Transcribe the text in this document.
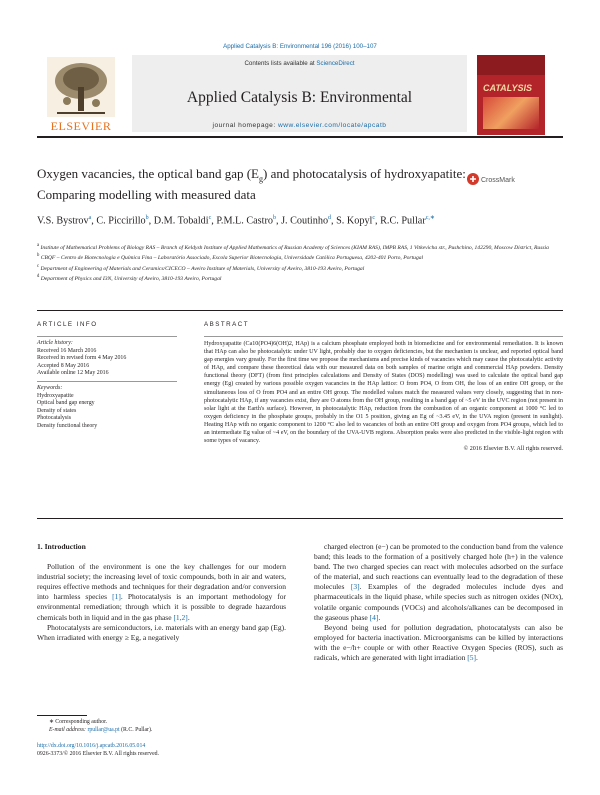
Applied Catalysis B: Environmental 196 (2016) 100–107
ELSEVIER
Contents lists available at ScienceDirect
Applied Catalysis B: Environmental
journal homepage: www.elsevier.com/locate/apcatb
CATALYSIS
Oxygen vacancies, the optical band gap $(E_g)$ and photocatalysis of hydroxyapatite: Comparing modelling with measured data
CrossMark
V.S. Bystrov$^a$, C. Piccirillo$^b$, D.M. Tobaldi$^c$, P.M.L. Castro$^b$, J. Coutinho$^d$, S. Kopyl$^c$, R.C. Pullar$^{c,∗}$
$^a$ Institute of Mathematical Problems of Biology RAS – Branch of Keldysh Institute of Applied Mathematics of Russian Academy of Sciences (KIAM RAS), IMPB RAS, 1 Vitkevicha str., Pushchino, 142290, Moscow District, Russia
$^b$ CBQF – Centro de Biotecnologia e Química Fina – Laboratório Associado, Escola Superior Biotecnologia, Universidade Católica Portuguesa, 4202-401 Porto, Portugal
$^c$ Department of Engineering of Materials and Ceramics/CICECO – Aveiro Institute of Materials, University of Aveiro, 3810-193 Aveiro, Portugal
$^d$ Department of Physics and I3N, University of Aveiro, 3810-193 Aveiro, Portugal
ARTICLE INFO	ABSTRACT
Article history:
Received 16 March 2016
Received in revised form 4 May 2016
Accepted 8 May 2016
Available online 12 May 2016
Keywords:
Hydroxyapatite
Optical band gap energy
Density of states
Photocatalysis
Density functional theory
Hydroxyapatite (Ca10(PO4)6(OH)2, HAp) is a calcium phosphate employed both in biomedicine and for environmental remediation. It is known that HAp can also be photocatalytic under UV light, probably due to oxygen deficiencies, but the mechanism is unclear, and reported optical band gap energies vary greatly. For the first time we propose the mechanisms and precise kinds of vacancies which may cause the photocatalytic activity of HAp, and compare these theoretical data with our measured data on both samples of marine origin and commercial HAp powders. Density functional theory (DFT) (from first principles calculations and Density of States (DOS) modelling) was used to calculate the optical band gap energy (Eg) created by various possible oxygen vacancies in the HAp lattice: O from PO4, O from OH, the loss of an entire OH group, or the simultaneous loss of O from PO4 and an entire OH group. The modelled values match the measured values very closely, suggesting that in non-photocatalytic HAp, if any vacancies exist, they are O atoms from the OH group, resulting in a band gap of ~5 eV in the UVC region (not present in solar light at the Earth's surface). However, in photocatalytic HAp, reduction from the combustion of an organic component at 1000 °C led to oxygen deficiency in the phosphate groups, probably in the O1 5 position, giving an Eg of ~3.45 eV, in the UVA region (present in sunlight). Heating HAp with no organic component to 1200 °C also led to vacancies of both an entire OH group and oxygen from PO4 groups, which led to an intermediate Eg value of ~4 eV, on the boundary of the UVA-UVB regions. Absorption peaks were also predicted in the visible-light region with some types of vacancy.
© 2016 Elsevier B.V. All rights reserved.
1. Introduction
Pollution of the environment is one the key challenges for our modern industrial society; the increasing level of toxic compounds, both in air and waters, requires effective methods and techniques for their degradation and/or conversion into harmless species [1]. Photocatalysis is an important methodology for environmental remediation; through which it is possible to degrade hazardous chemicals both in liquid and in the gas phase [1,2].
Photocatalysts are semiconductors, i.e. materials with an energy band gap (Eg). When irradiated with energy ≥ Eg, a negatively
charged electron (e−) can be promoted to the conduction band from the valence band; this leads to the formation of a positively charged hole (h+) in the valence band. The two charged species can react with molecules adsorbed on the surface of the material, and such reactions can eventually lead to the degradation of these molecules [3]. Examples of the degraded molecules include dyes and pharmaceuticals in the liquid phase, while species such as nitrogen oxides (NOx), volatile organic compounds (VOCs) and alcohols/alkanes can be decomposed in the gaseous phase [4].
Beyond being used for pollution degradation, photocatalysts can also be employed for bacteria inactivation. Microorganisms can be killed by interactions with the e−/h+ couple or with other Reactive Oxygen Species (ROS), such as radicals, which are generated with light irradiation [5].
∗ Corresponding author.
E-mail address: rpullar@ua.pt (R.C. Pullar).
http://dx.doi.org/10.1016/j.apcatb.2016.05.014
0926-3373/© 2016 Elsevier B.V. All rights reserved.
